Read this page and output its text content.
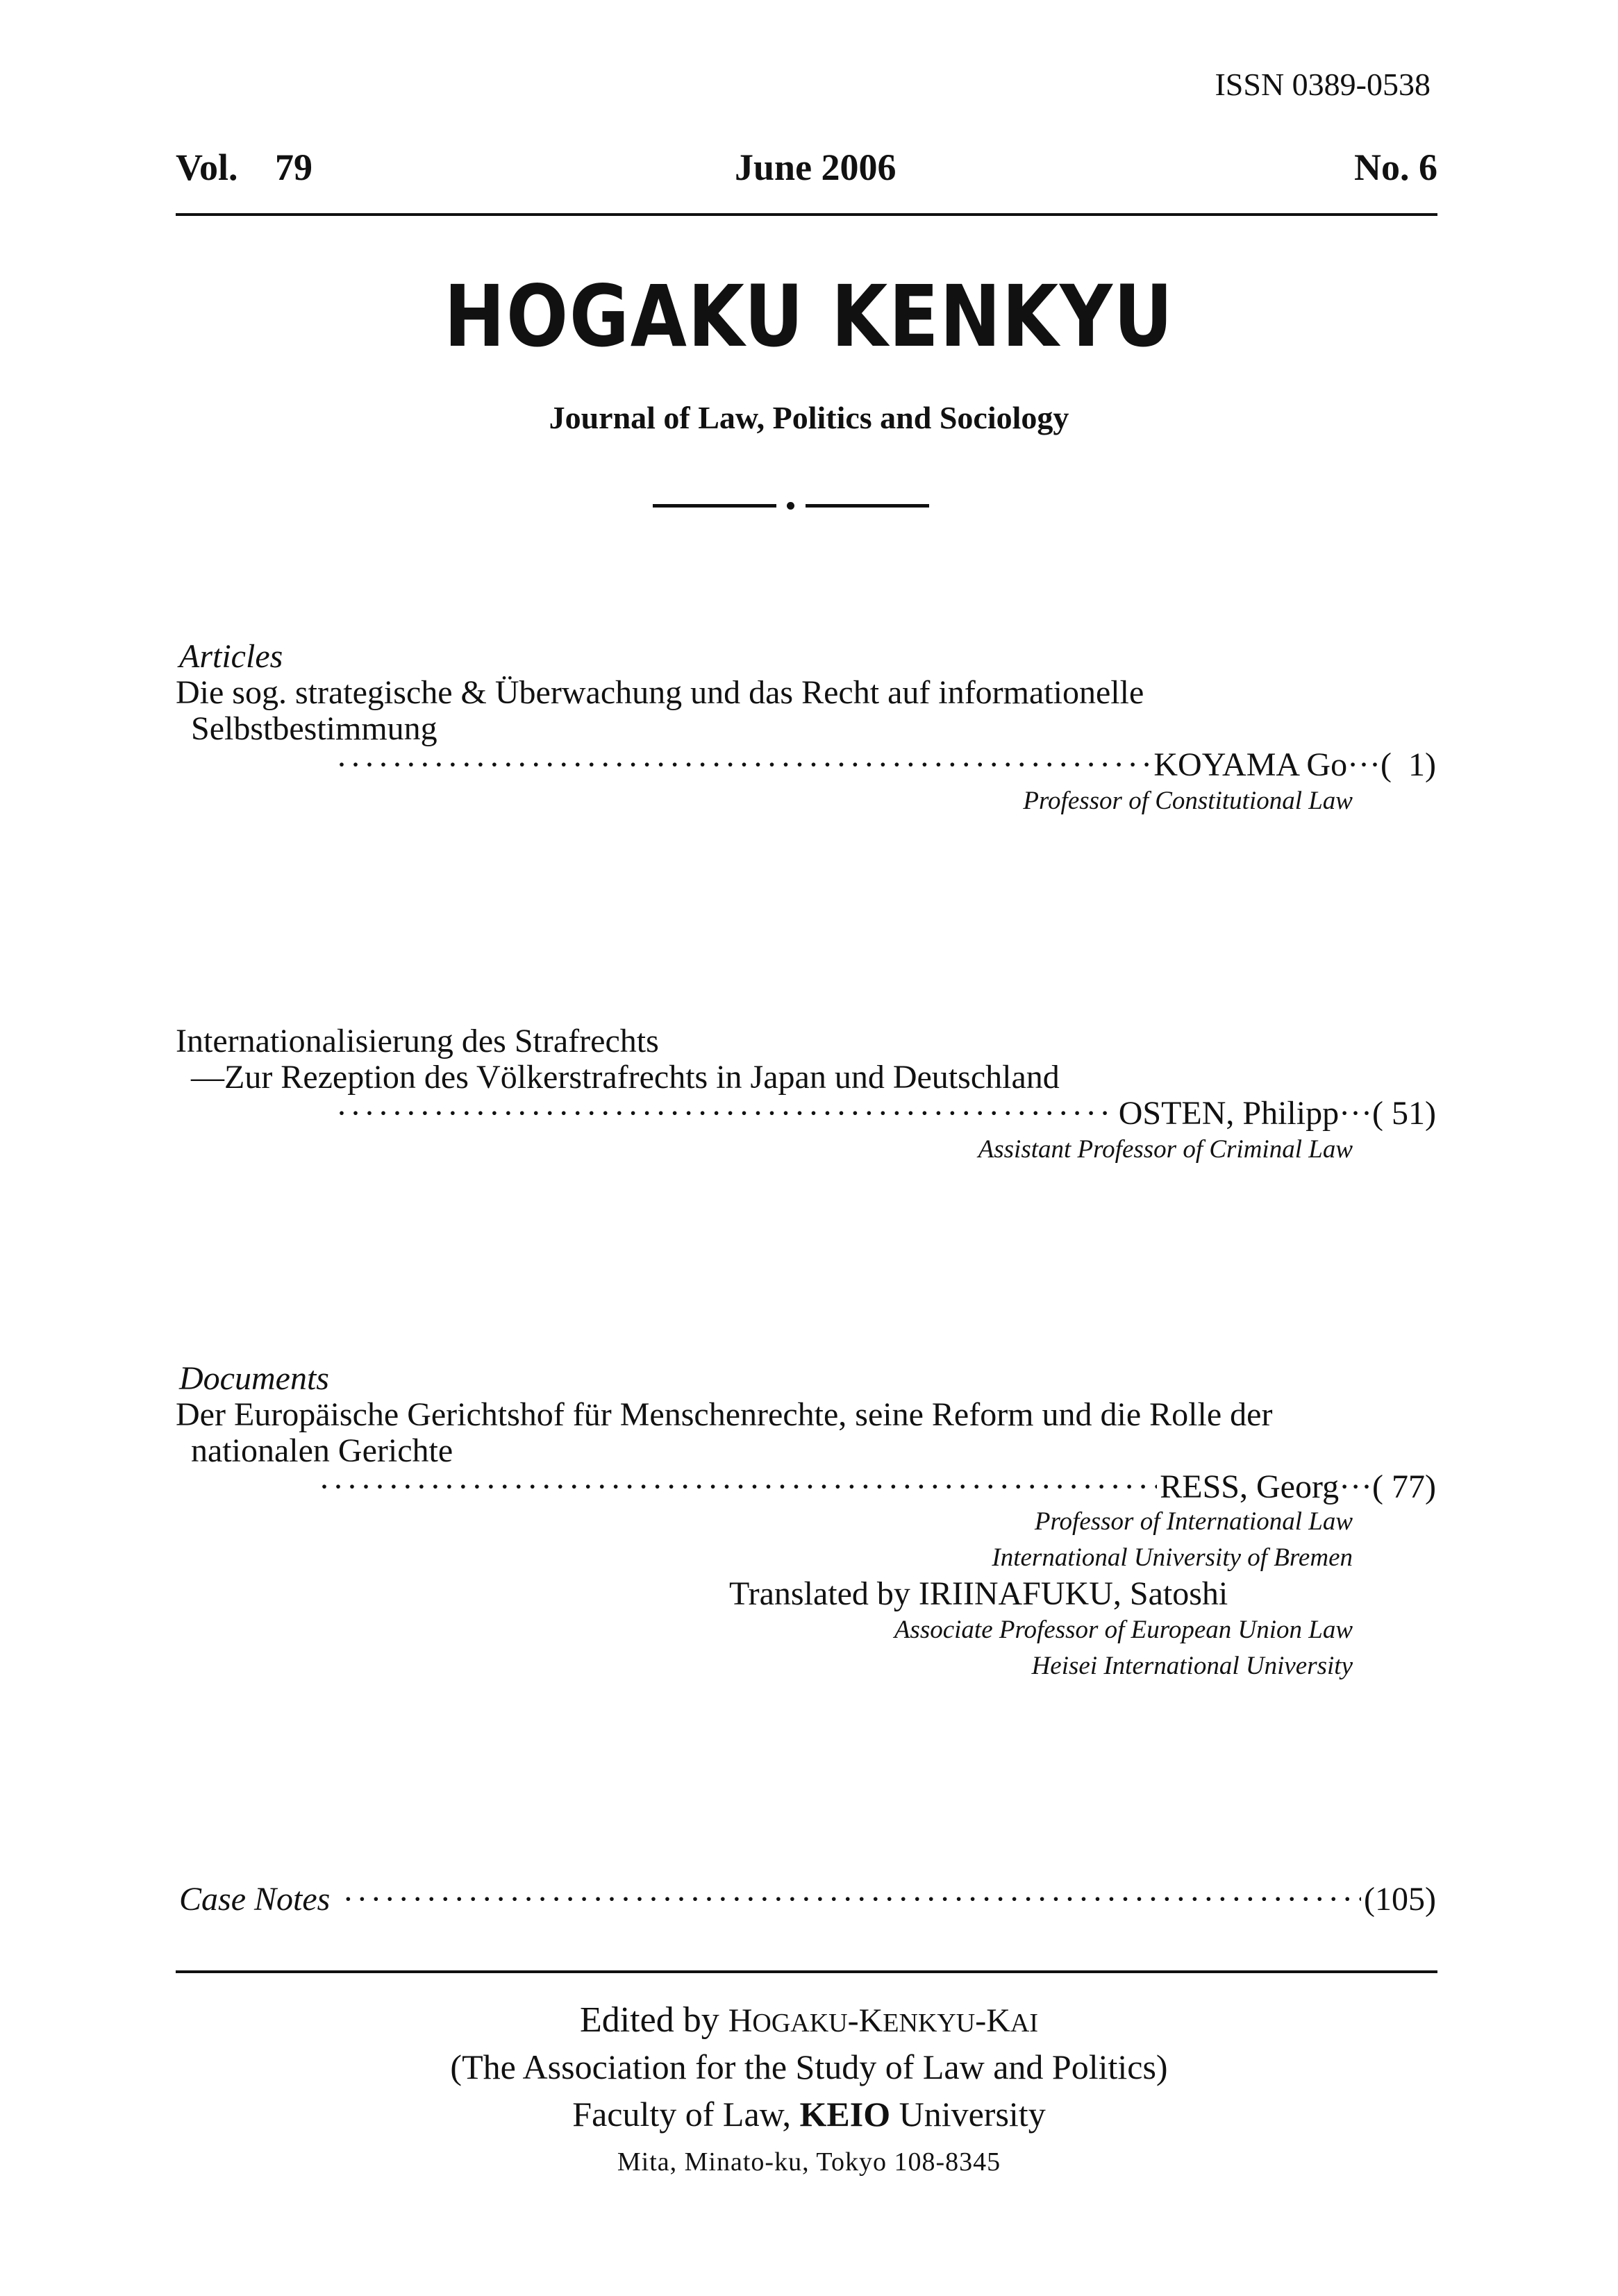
ISSN 0389-0538
Vol. 79	June 2006	No. 6
HOGAKU KENKYU
Journal of Law, Politics and Sociology
Articles
Die sog. strategische & Überwachung und das Recht auf informationelle
Selbstbestimmung
·····
KOYAMA Go··· (  1)
Professor of Constitutional Law
Internationalisierung des Strafrechts
—Zur Rezeption des Völkerstrafrechts in Japan und Deutschland
·····
OSTEN, Philipp··· ( 51)
Assistant Professor of Criminal Law
Documents
Der Europäische Gerichtshof für Menschenrechte, seine Reform und die Rolle der
nationalen Gerichte
·····
RESS, Georg··· ( 77)
Professor of International Law
International University of Bremen
Translated by IRIINAFUKU, Satoshi
Associate Professor of European Union Law
Heisei International University
Case Notes
·····	(105)
Edited by HOGAKU-KENKYU-KAI
(The Association for the Study of Law and Politics)
Faculty of Law, KEIO University
Mita, Minato-ku, Tokyo 108-8345
